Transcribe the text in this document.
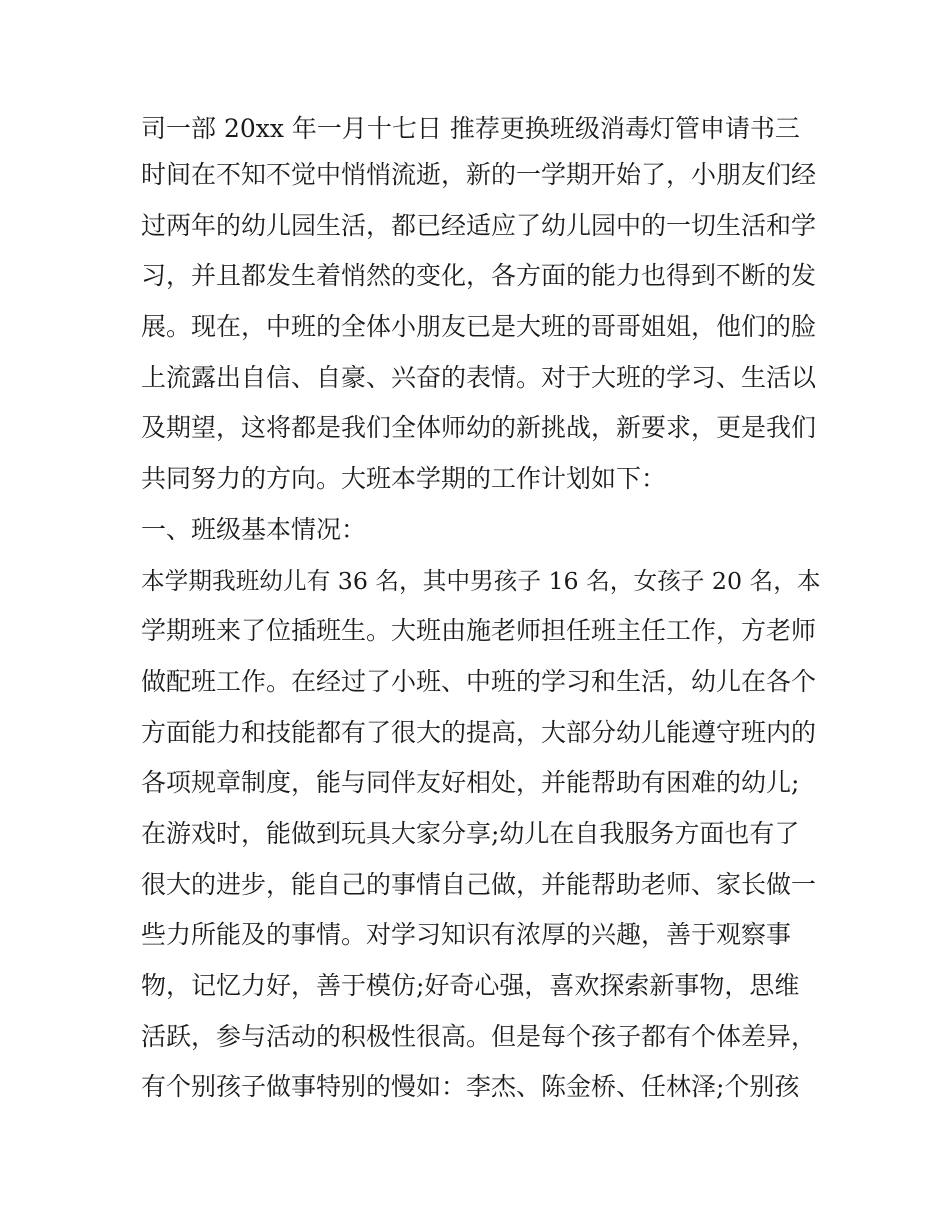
司一部 20xx 年一月十七日 推荐更换班级消毒灯管申请书三
时间在不知不觉中悄悄流逝，新的一学期开始了，小朋友们经
过两年的幼儿园生活，都已经适应了幼儿园中的一切生活和学
习，并且都发生着悄然的变化，各方面的能力也得到不断的发
展。现在，中班的全体小朋友已是大班的哥哥姐姐，他们的脸
上流露出自信、自豪、兴奋的表情。对于大班的学习、生活以
及期望，这将都是我们全体师幼的新挑战，新要求，更是我们
共同努力的方向。大班本学期的工作计划如下：
一、班级基本情况：
本学期我班幼儿有 36 名，其中男孩子 16 名，女孩子 20 名，本
学期班来了位插班生。大班由施老师担任班主任工作，方老师
做配班工作。在经过了小班、中班的学习和生活，幼儿在各个
方面能力和技能都有了很大的提高，大部分幼儿能遵守班内的
各项规章制度，能与同伴友好相处，并能帮助有困难的幼儿;
在游戏时，能做到玩具大家分享;幼儿在自我服务方面也有了
很大的进步，能自己的事情自己做，并能帮助老师、家长做一
些力所能及的事情。对学习知识有浓厚的兴趣，善于观察事
物，记忆力好，善于模仿;好奇心强，喜欢探索新事物，思维
活跃，参与活动的积极性很高。但是每个孩子都有个体差异，
有个别孩子做事特别的慢如：李杰、陈金桥、任林泽;个别孩
